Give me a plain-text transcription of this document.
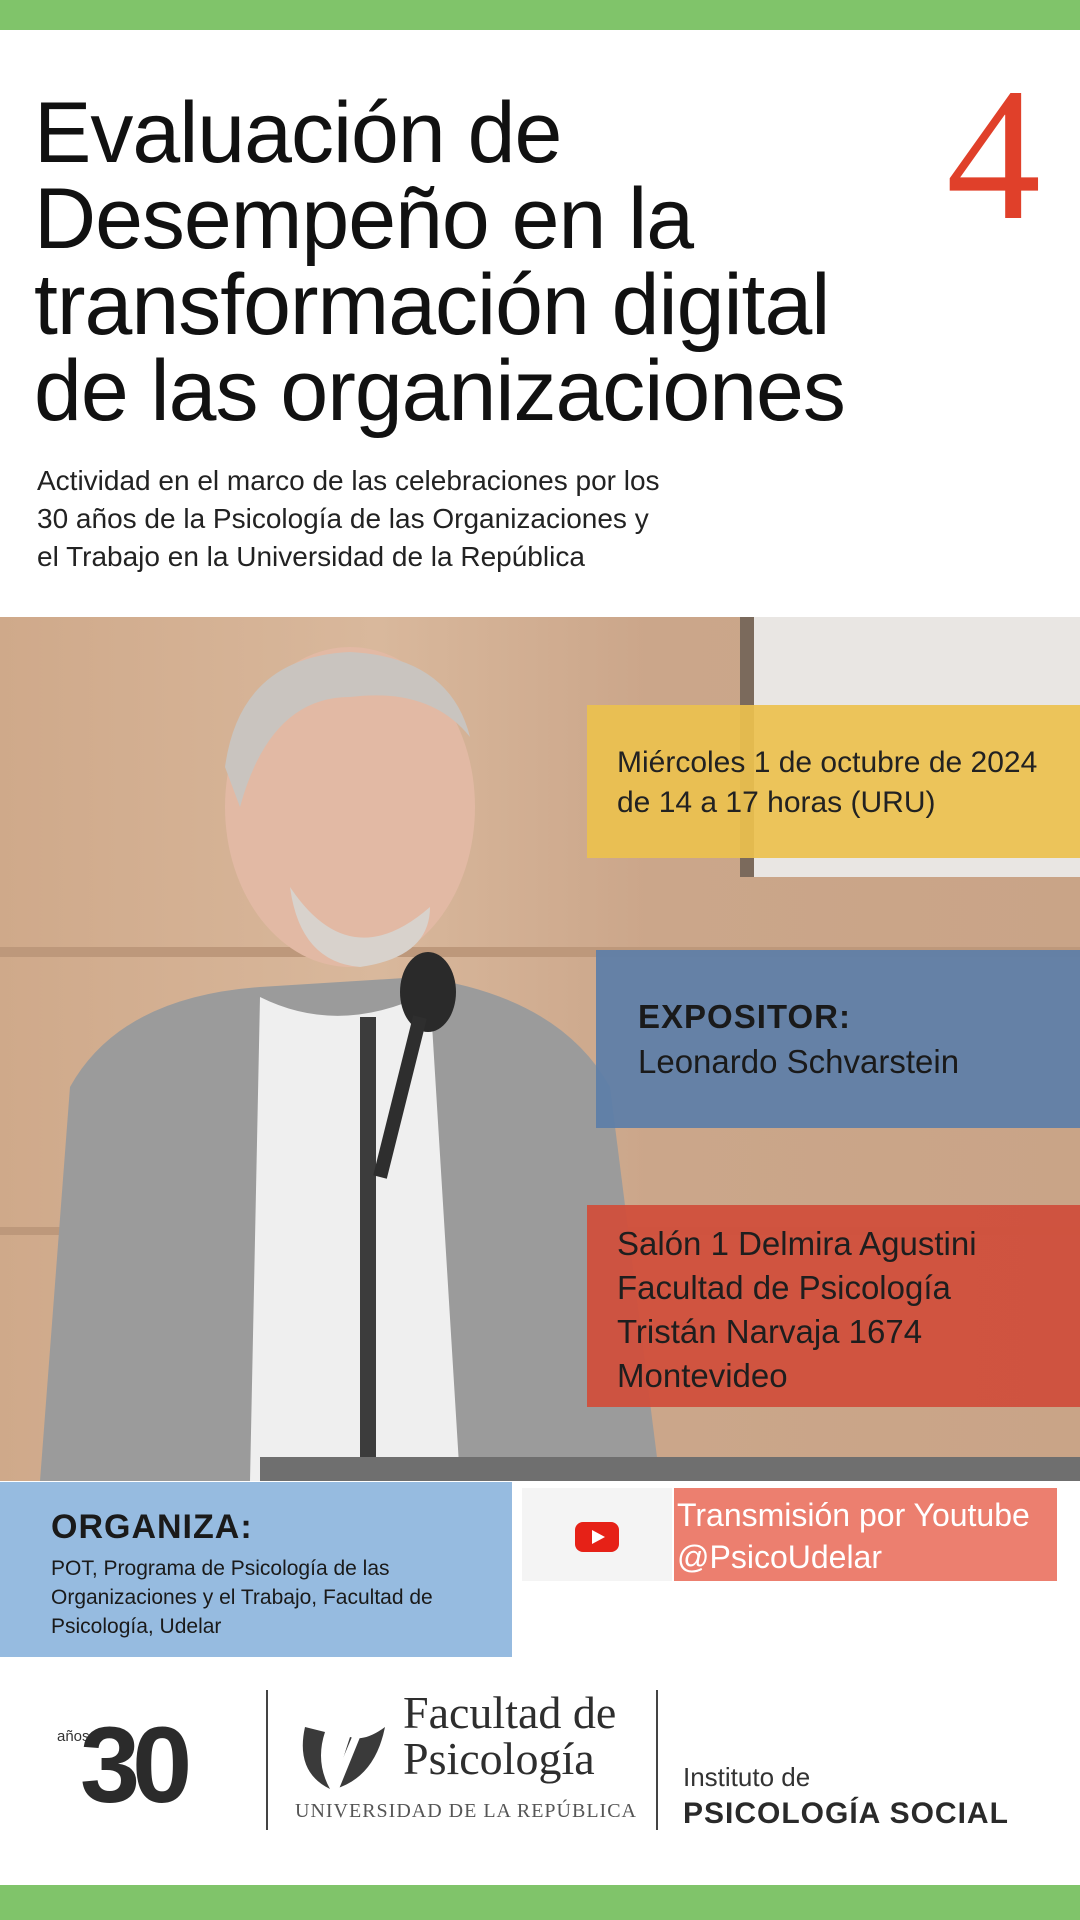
Evaluación de Desempeño en la transformación digital de las organizaciones
4
Actividad en el marco de las celebraciones por los 30 años de la Psicología de las Organizaciones y el Trabajo en la Universidad de la República
Miércoles 1 de octubre de 2024
de 14 a 17 horas (URU)
EXPOSITOR:
Leonardo Schvarstein
Salón 1 Delmira Agustini
Facultad de Psicología
Tristán Narvaja 1674
Montevideo
ORGANIZA:
POT, Programa de Psicología de las Organizaciones y el Trabajo, Facultad de Psicología, Udelar
Transmisión por Youtube
@PsicoUdelar
años
30	Facultad de
Psicología
UNIVERSIDAD DE LA REPÚBLICA
Instituto de
PSICOLOGÍA SOCIAL
